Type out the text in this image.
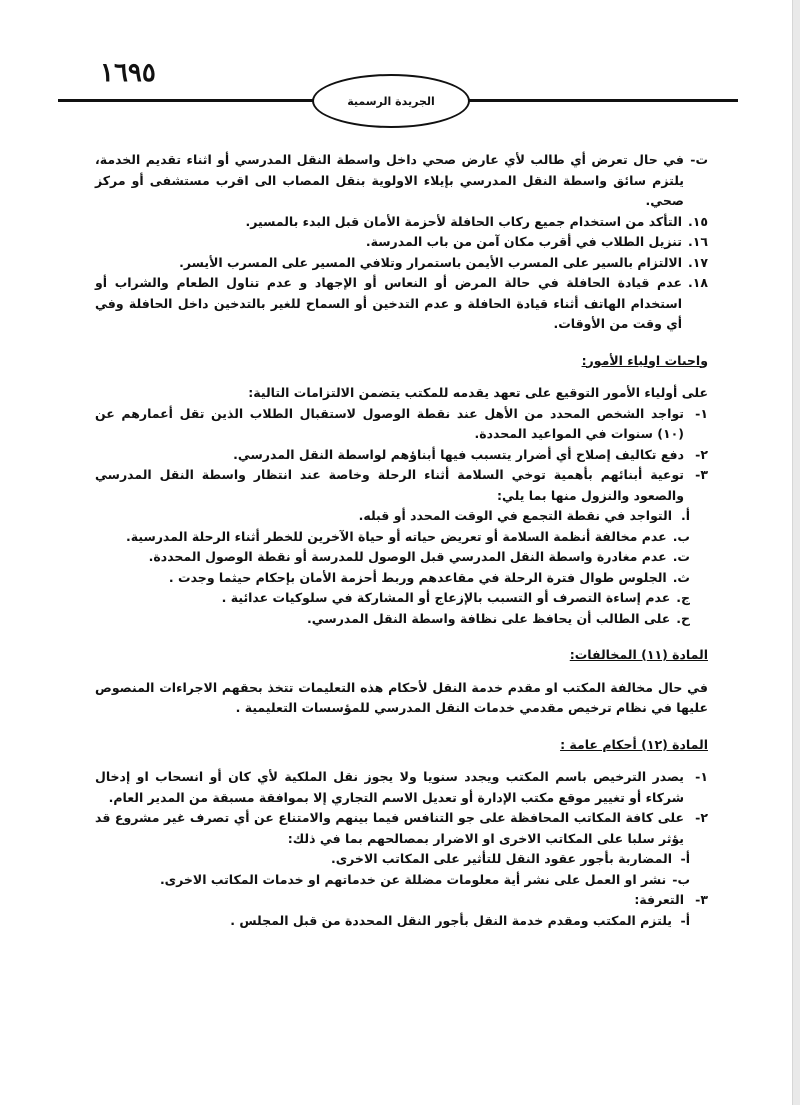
١٦٩٥
الجريدة الرسمية
ت-
في حال تعرض أي طالب لأي عارض صحي داخل واسطة النقل المدرسي أو اثناء تقديم الخدمة، يلتزم سائق واسطة النقل المدرسي بإيلاء الاولوية بنقل المصاب الى اقرب مستشفى أو مركز صحي.
١٥.
التأكد من استخدام جميع ركاب الحافلة لأحزمة الأمان قبل البدء بالمسير.
١٦.
تنزيل الطلاب في أقرب مكان آمن من باب المدرسة.
١٧.
الالتزام بالسير على المسرب الأيمن باستمرار وتلافي المسير على المسرب الأيسر.
١٨.
عدم قيادة الحافلة في حالة المرض أو النعاس أو الإجهاد و عدم تناول الطعام والشراب أو استخدام الهاتف أثناء قيادة الحافلة و عدم التدخين أو السماح للغير بالتدخين داخل الحافلة وفي أي وقت من الأوقات.
واجبات اولياء الأمور:
على أولياء الأمور التوقيع على تعهد يقدمه للمكتب يتضمن الالتزامات التالية:
١-
تواجد الشخص المحدد من الأهل عند نقطة الوصول لاستقبال الطلاب الذين تقل أعمارهم عن (١٠) سنوات في المواعيد المحددة.
٢-
دفع تكاليف إصلاح أي أضرار يتسبب فيها أبناؤهم لواسطة النقل المدرسي.
٣-
توعية أبنائهم بأهمية توخي السلامة أثناء الرحلة وخاصة عند انتظار واسطة النقل المدرسي والصعود والنزول منها بما يلي:
أ.
التواجد في نقطة التجمع في الوقت المحدد أو قبله.
ب.
عدم مخالفة أنظمة السلامة أو تعريض حياته أو حياة الآخرين للخطر أثناء الرحلة المدرسية.
ت.
عدم مغادرة واسطة النقل المدرسي قبل الوصول للمدرسة أو نقطة الوصول المحددة.
ث.
الجلوس طوال فترة الرحلة في مقاعدهم وربط أحزمة الأمان بإحكام حيثما وجدت .
ج.
عدم إساءة التصرف أو التسبب بالإزعاج أو المشاركة في سلوكيات عدائية .
ح.
على الطالب أن يحافظ على نظافة واسطة النقل المدرسي.
المادة (١١) المخالفات:
في حال مخالفة المكتب او مقدم خدمة النقل لأحكام هذه التعليمات تتخذ بحقهم الاجراءات المنصوص عليها في نظام ترخيص مقدمي خدمات النقل المدرسي للمؤسسات التعليمية .
المادة (١٢) أحكام عامة :
١-
يصدر الترخيص باسم المكتب ويجدد سنويا ولا يجوز نقل الملكية لأي كان أو انسحاب او إدخال شركاء أو تغيير موقع مكتب الإدارة أو تعديل الاسم التجاري إلا بموافقة مسبقة من المدير العام.
٢-
على كافة المكاتب المحافظة على جو التنافس فيما بينهم والامتناع عن أي تصرف غير مشروع قد يؤثر سلبا على المكاتب الاخرى او الاضرار بمصالحهم بما في ذلك:
أ-
المضاربة بأجور عقود النقل للتأثير على المكاتب الاخرى.
ب-
نشر او العمل على نشر أية معلومات مضللة عن خدماتهم او خدمات المكاتب الاخرى.
٣-
التعرفة:
أ-
يلتزم المكتب ومقدم خدمة النقل بأجور النقل المحددة من قبل المجلس .
